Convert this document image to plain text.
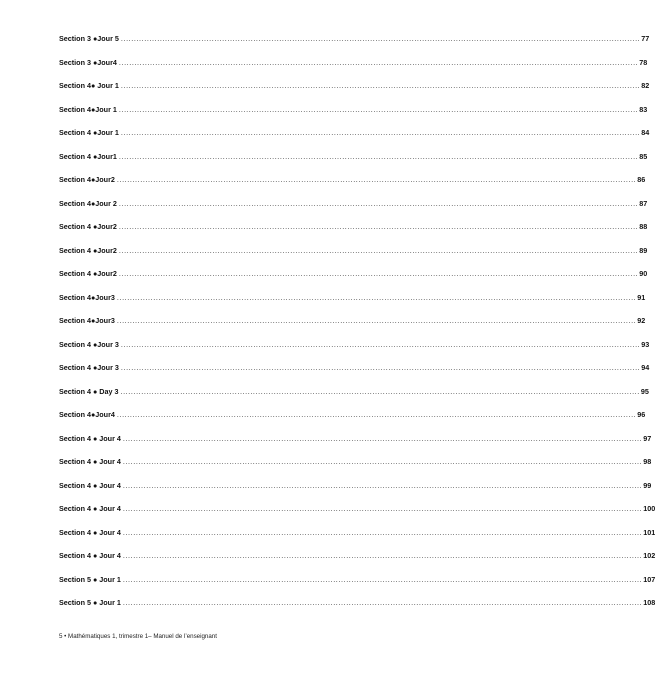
Section 3 ●Jour 5 ........................................................................................................................................................................................................ 77
Section 3 ●Jour4 ........................................................................................................................................................................................................ 78
Section 4● Jour 1 ........................................................................................................................................................................................................ 82
Section 4●Jour 1 ........................................................................................................................................................................................................ 83
Section 4 ●Jour 1 ........................................................................................................................................................................................................ 84
Section 4 ●Jour1 ........................................................................................................................................................................................................ 85
Section 4●Jour2 ........................................................................................................................................................................................................ 86
Section 4●Jour 2 ........................................................................................................................................................................................................ 87
Section 4 ●Jour2 ........................................................................................................................................................................................................ 88
Section 4 ●Jour2 ........................................................................................................................................................................................................ 89
Section 4 ●Jour2 ........................................................................................................................................................................................................ 90
Section 4●Jour3 ........................................................................................................................................................................................................ 91
Section 4●Jour3 ........................................................................................................................................................................................................ 92
Section 4 ●Jour 3 ........................................................................................................................................................................................................ 93
Section 4 ●Jour 3 ........................................................................................................................................................................................................ 94
Section 4 ● Day 3 ........................................................................................................................................................................................................ 95
Section 4●Jour4 ........................................................................................................................................................................................................ 96
Section 4 ● Jour 4 ........................................................................................................................................................................................................ 97
Section 4 ● Jour 4 ........................................................................................................................................................................................................ 98
Section 4 ● Jour 4 ........................................................................................................................................................................................................ 99
Section 4 ● Jour 4 ........................................................................................................................................................................................................ 100
Section 4 ● Jour 4 ........................................................................................................................................................................................................ 101
Section 4 ● Jour 4 ........................................................................................................................................................................................................ 102
Section 5 ● Jour 1 ........................................................................................................................................................................................................ 107
Section 5 ● Jour 1 ........................................................................................................................................................................................................ 108
5 • Mathématiques 1, trimestre 1– Manuel de l’enseignant
